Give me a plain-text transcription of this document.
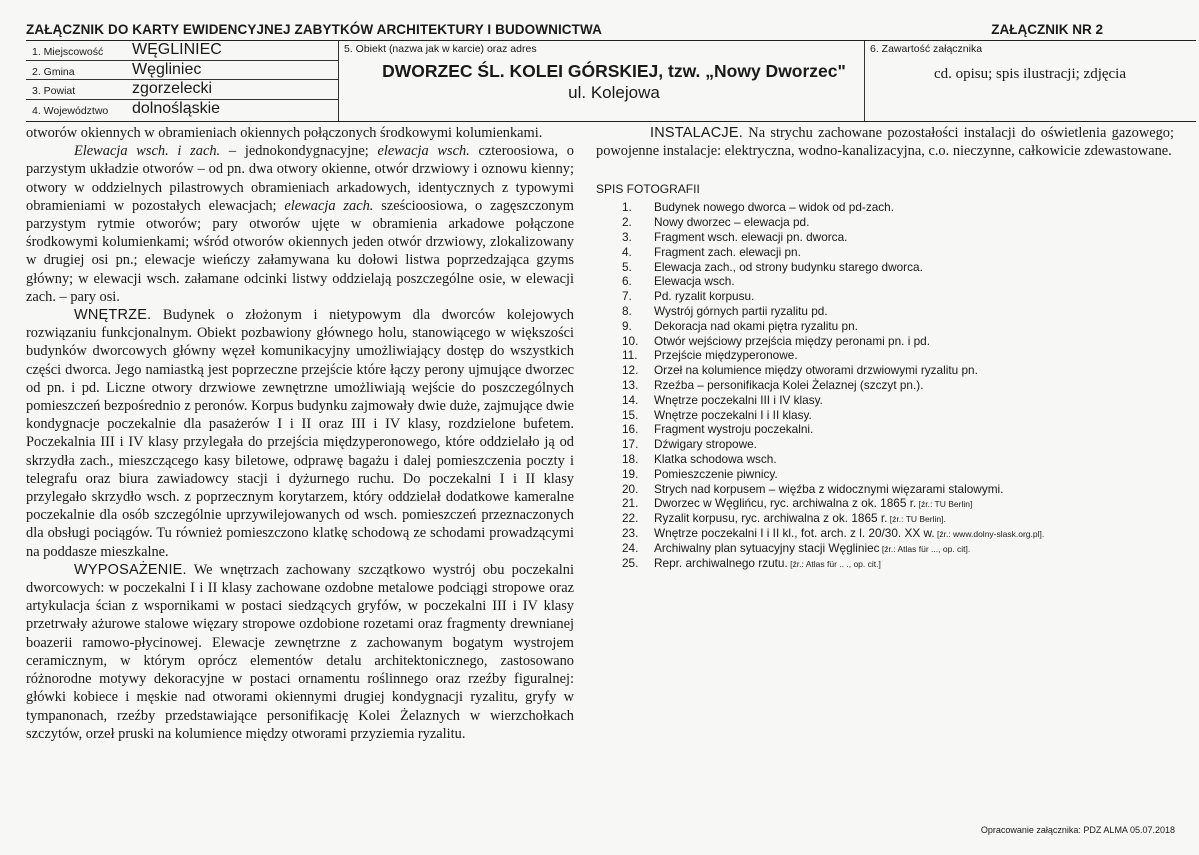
ZAŁĄCZNIK DO KARTY EWIDENCYJNEJ ZABYTKÓW ARCHITEKTURY I BUDOWNICTWA	ZAŁĄCZNIK NR 2
1. Miejscowość WĘGLINIEC
2. Gmina	Węgliniec
3. Powiat	zgorzelecki
4. Województwo dolnośląskie
5. Obiekt (nazwa jak w karcie) oraz adres
DWORZEC ŚL. KOLEI GÓRSKIEJ, tzw. „Nowy Dworzec"
ul. Kolejowa
6. Zawartość załącznika
cd. opisu; spis ilustracji; zdjęcia

otworów okiennych w obramieniach okiennych połączonych środkowymi kolumienkami.

Elewacja wsch. i zach. – jednokondygnacyjne; elewacja wsch. czteroosiowa, o parzystym układzie otworów – od pn. dwa otwory okienne, otwór drzwiowy i oznowu kienny; otwory w oddzielnych pilastrowych obramieniach arkadowych, identycznych z typowymi obramieniami w pozostałych elewacjach; elewacja zach. sześcioosiowa, o zagęszczonym parzystym rytmie otworów; pary otworów ujęte w obramienia arkadowe połączone środkowymi kolumienkami; wśród otworów okiennych jeden otwór drzwiowy, zlokalizowany w drugiej osi pn.; elewacje wieńczy załamywana ku dołowi listwa poprzedzająca gzyms główny; w elewacji wsch. załamane odcinki listwy oddzielają poszczególne osie, w elewacji zach. – pary osi.

WNĘTRZE. Budynek o złożonym i nietypowym dla dworców kolejowych rozwiązaniu funkcjonalnym. Obiekt pozbawiony głównego holu, stanowiącego w większości budynków dworcowych główny węzeł komunikacyjny umożliwiający dostęp do wszystkich części dworca. Jego namiastką jest poprzeczne przejście które łączy perony ujmujące dworzec od pn. i pd. Liczne otwory drzwiowe zewnętrzne umożliwiają wejście do poszczególnych pomieszczeń bezpośrednio z peronów. Korpus budynku zajmowały dwie duże, zajmujące dwie kondygnacje poczekalnie dla pasażerów I i II oraz III i IV klasy, rozdzielone bufetem. Poczekalnia III i IV klasy przylegała do przejścia międzyperonowego, które oddzielało ją od skrzydła zach., mieszczącego kasy biletowe, odprawę bagażu i dalej pomieszczenia poczty i telegrafu oraz biura zawiadowcy stacji i dyżurnego ruchu. Do poczekalni I i II klasy przylegało skrzydło wsch. z poprzecznym korytarzem, który oddzielał dodatkowe kameralne poczekalnie dla osób szczególnie uprzywilejowanych od wsch. pomieszczeń przeznaczonych dla obsługi pociągów. Tu również pomieszczono klatkę schodową ze schodami prowadzącymi na poddasze mieszkalne.

WYPOSAŻENIE. We wnętrzach zachowany szczątkowo wystrój obu poczekalni dworcowych: w poczekalni I i II klasy zachowane ozdobne metalowe podciągi stropowe oraz artykulacja ścian z wspornikami w postaci siedzących gryfów, w poczekalni III i IV klasy przetrwały ażurowe stalowe więzary stropowe ozdobione rozetami oraz fragmenty drewnianej boazerii ramowo-płycinowej. Elewacje zewnętrzne z zachowanym bogatym wystrojem ceramicznym, w którym oprócz elementów detalu architektonicznego, zastosowano różnorodne motywy dekoracyjne w postaci ornamentu roślinnego oraz rzeźby figuralnej: główki kobiece i męskie nad otworami okiennymi drugiej kondygnacji ryzalitu, gryfy w tympanonach, rzeźby przedstawiające personifikację Kolei Żelaznych w wierzchołkach szczytów, orzeł pruski na kolumience między otworami przyziemia ryzalitu.

INSTALACJE. Na strychu zachowane pozostałości instalacji do oświetlenia gazowego; powojenne instalacje: elektryczna, wodno-kanalizacyjna, c.o. nieczynne, całkowicie zdewastowane.

SPIS FOTOGRAFII
1. Budynek nowego dworca – widok od pd-zach.
2. Nowy dworzec – elewacja pd.
3. Fragment wsch. elewacji pn. dworca.
4. Fragment zach. elewacji pn.
5. Elewacja zach., od strony budynku starego dworca.
6. Elewacja wsch.
7. Pd. ryzalit korpusu.
8. Wystrój górnych partii ryzalitu pd.
9. Dekoracja nad okami piętra ryzalitu pn.
10. Otwór wejściowy przejścia między peronami pn. i pd.
11. Przejście międzyperonowe.
12. Orzeł na kolumience między otworami drzwiowymi ryzalitu pn.
13. Rzeźba – personifikacja Kolei Żelaznej (szczyt pn.).
14. Wnętrze poczekalni III i IV klasy.
15. Wnętrze poczekalni I i II klasy.
16. Fragment wystroju poczekalni.
17. Dźwigary stropowe.
18. Klatka schodowa wsch.
19. Pomieszczenie piwnicy.
20. Strych nad korpusem – więźba z widocznymi więzarami stalowymi.
21. Dworzec w Węglińcu, ryc. archiwalna z ok. 1865 r. [źr.: TU Berlin]
22. Ryzalit korpusu, ryc. archiwalna z ok. 1865 r. [źr.: TU Berlin].
23. Wnętrze poczekalni I i II kl., fot. arch. z l. 20/30. XX w. [źr.: www.dolny-slask.org.pl].
24. Archiwalny plan sytuacyjny stacji Węgliniec [źr.: Atlas für ..., op. cit].
25. Repr. archiwalnego rzutu. [źr.: Atlas für .. ., op. cit.]
Opracowanie załącznika: PDZ ALMA 05.07.2018
